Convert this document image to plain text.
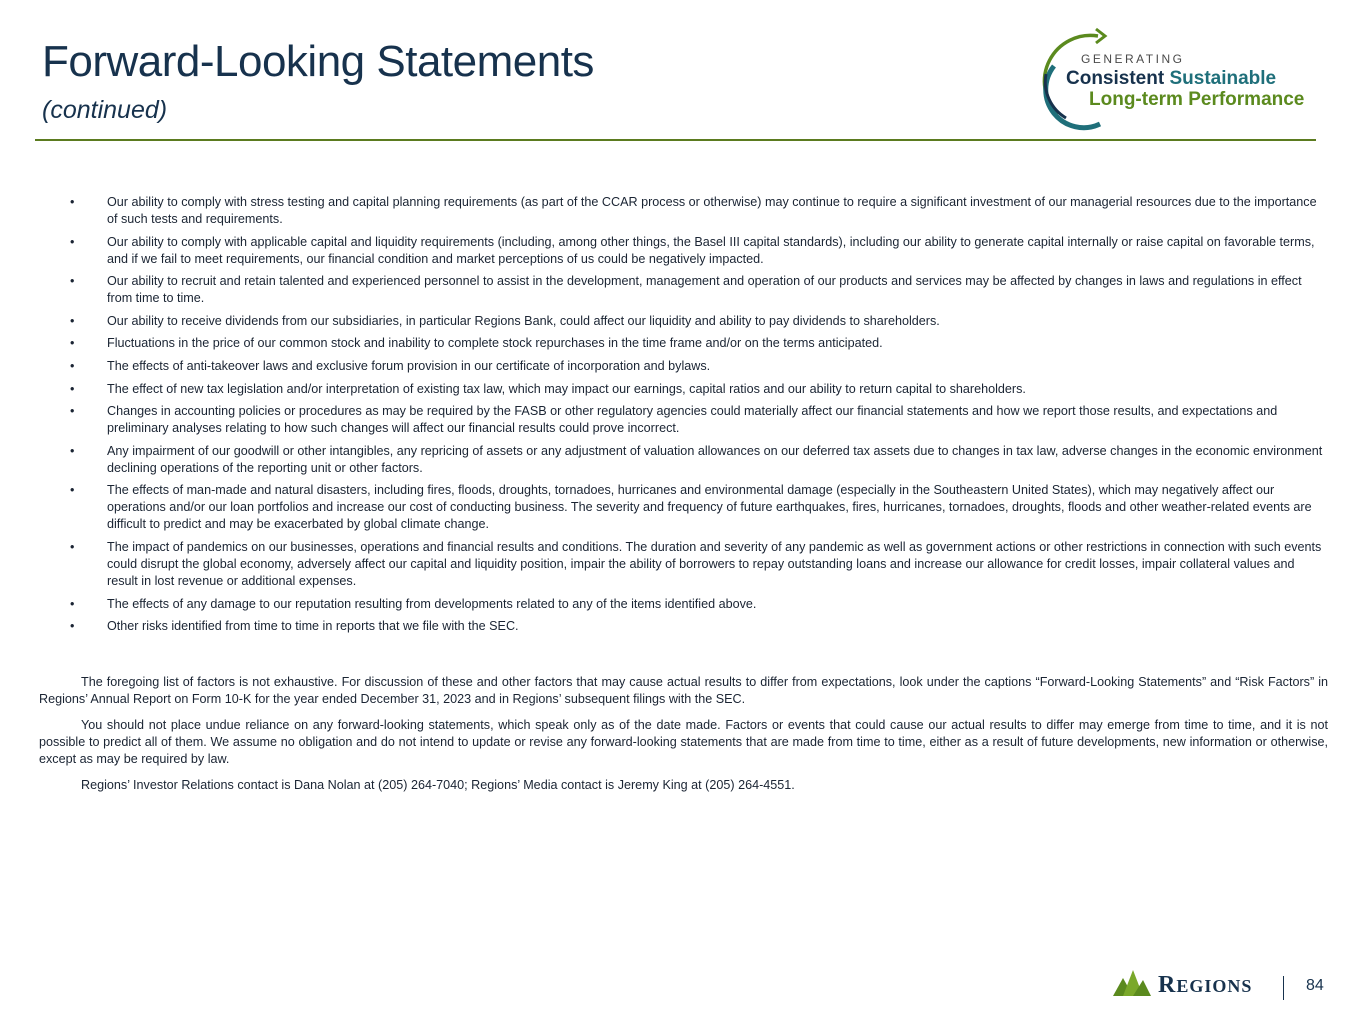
Forward-Looking Statements
(continued)
GENERATING
Consistent Sustainable
Long-term Performance
•	Our ability to comply with stress testing and capital planning requirements (as part of the CCAR process or otherwise) may continue to require a significant investment of our managerial resources due to the importance of such tests and requirements.
•	Our ability to comply with applicable capital and liquidity requirements (including, among other things, the Basel III capital standards), including our ability to generate capital internally or raise capital on favorable terms, and if we fail to meet requirements, our financial condition and market perceptions of us could be negatively impacted.
•	Our ability to recruit and retain talented and experienced personnel to assist in the development, management and operation of our products and services may be affected by changes in laws and regulations in effect from time to time.
•	Our ability to receive dividends from our subsidiaries, in particular Regions Bank, could affect our liquidity and ability to pay dividends to shareholders.
•	Fluctuations in the price of our common stock and inability to complete stock repurchases in the time frame and/or on the terms anticipated.
•	The effects of anti-takeover laws and exclusive forum provision in our certificate of incorporation and bylaws.
•	The effect of new tax legislation and/or interpretation of existing tax law, which may impact our earnings, capital ratios and our ability to return capital to shareholders.
•	Changes in accounting policies or procedures as may be required by the FASB or other regulatory agencies could materially affect our financial statements and how we report those results, and expectations and preliminary analyses relating to how such changes will affect our financial results could prove incorrect.
•	Any impairment of our goodwill or other intangibles, any repricing of assets or any adjustment of valuation allowances on our deferred tax assets due to changes in tax law, adverse changes in the economic environment declining operations of the reporting unit or other factors.
•	The effects of man-made and natural disasters, including fires, floods, droughts, tornadoes, hurricanes and environmental damage (especially in the Southeastern United States), which may negatively affect our operations and/or our loan portfolios and increase our cost of conducting business. The severity and frequency of future earthquakes, fires, hurricanes, tornadoes, droughts, floods and other weather-related events are difficult to predict and may be exacerbated by global climate change.
•	The impact of pandemics on our businesses, operations and financial results and conditions. The duration and severity of any pandemic as well as government actions or other restrictions in connection with such events could disrupt the global economy, adversely affect our capital and liquidity position, impair the ability of borrowers to repay outstanding loans and increase our allowance for credit losses, impair collateral values and result in lost revenue or additional expenses.
•	The effects of any damage to our reputation resulting from developments related to any of the items identified above.
•	Other risks identified from time to time in reports that we file with the SEC.

The foregoing list of factors is not exhaustive. For discussion of these and other factors that may cause actual results to differ from expectations, look under the captions “Forward-Looking Statements” and “Risk Factors” in Regions’ Annual Report on Form 10-K for the year ended December 31, 2023 and in Regions’ subsequent filings with the SEC.

You should not place undue reliance on any forward-looking statements, which speak only as of the date made. Factors or events that could cause our actual results to differ may emerge from time to time, and it is not possible to predict all of them. We assume no obligation and do not intend to update or revise any forward-looking statements that are made from time to time, either as a result of future developments, new information or otherwise, except as may be required by law.

Regions’ Investor Relations contact is Dana Nolan at (205) 264-7040; Regions’ Media contact is Jeremy King at (205) 264-4551.

REGIONS	84
